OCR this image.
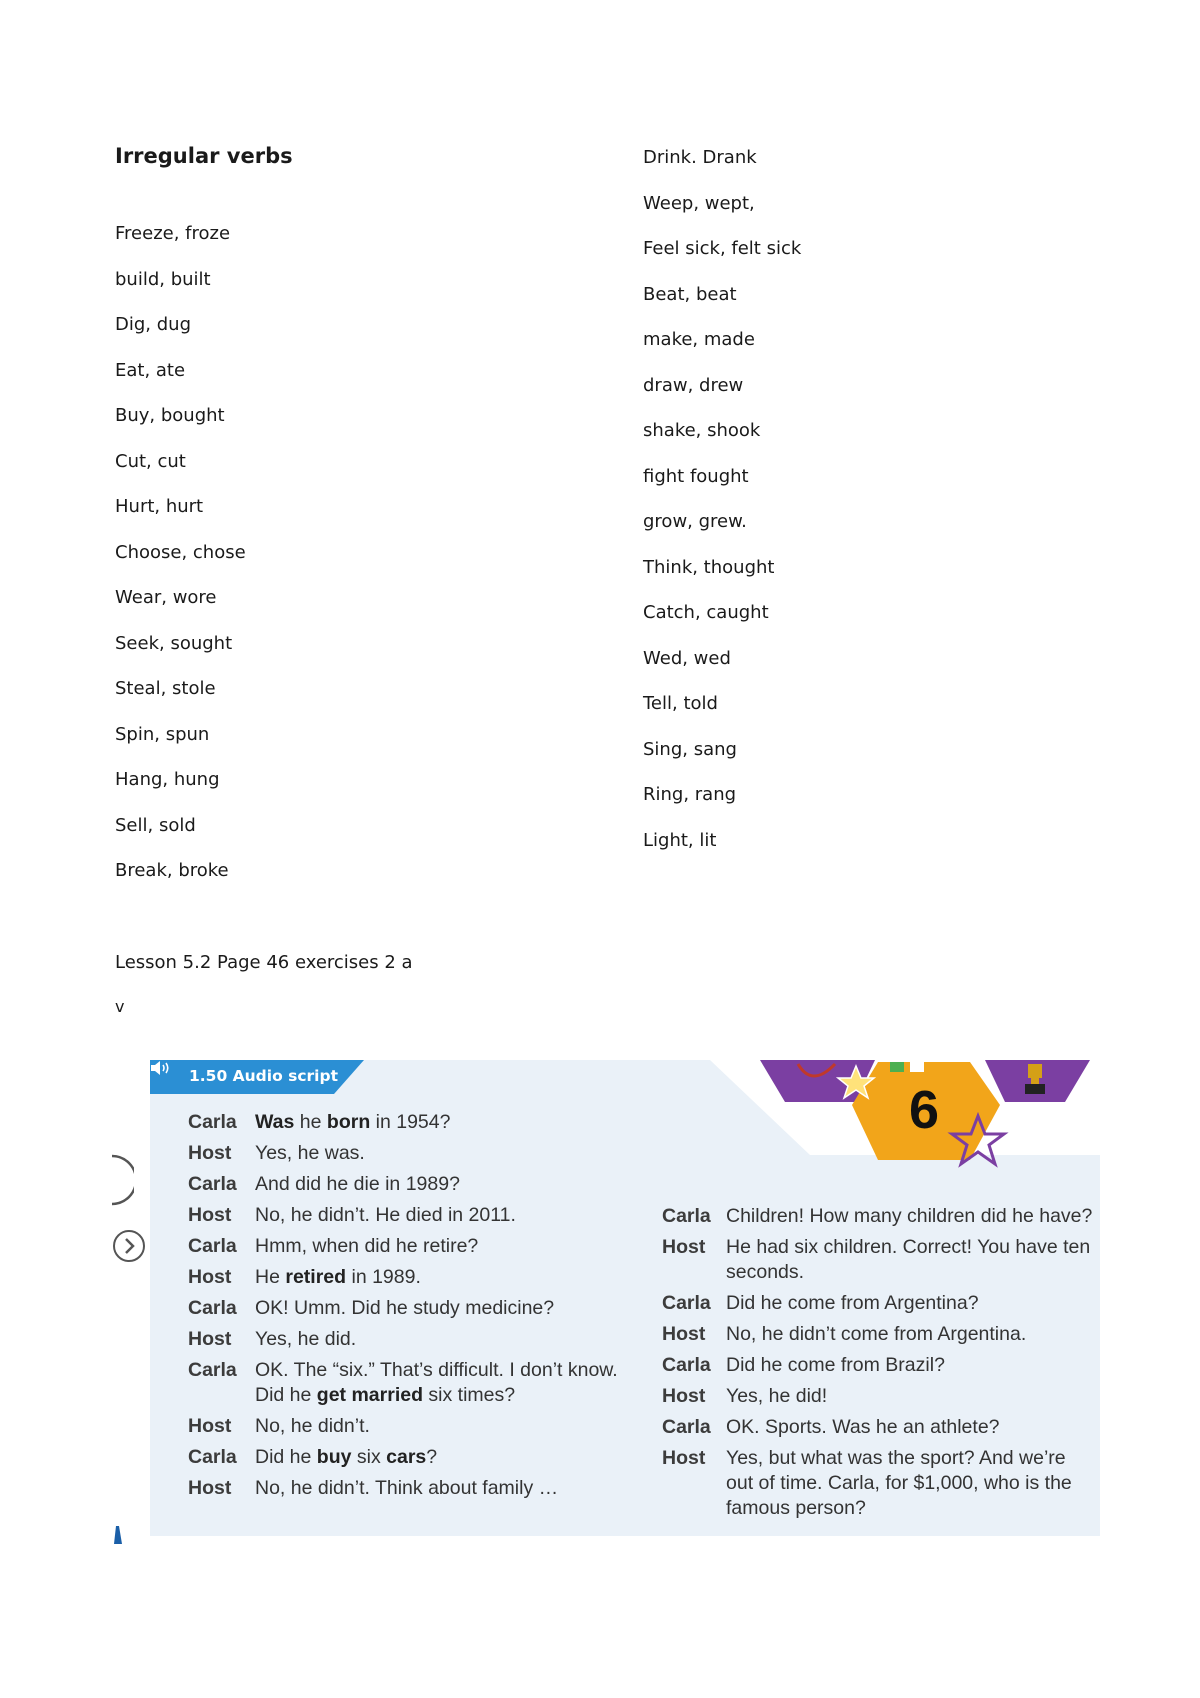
Irregular verbs
Freeze, froze
build, built
Dig, dug
Eat, ate
Buy, bought
Cut, cut
Hurt, hurt
Choose, chose
Wear, wore
Seek, sought
Steal, stole
Spin, spun
Hang, hung
Sell, sold
Break, broke
Drink. Drank
Weep, wept,
Feel sick, felt sick
Beat, beat
make, made
draw, drew
shake, shook
fight fought
grow, grew.
Think, thought
Catch, caught
Wed, wed
Tell, told
Sing, sang
Ring, rang
Light, lit

Lesson 5.2 Page 46 exercises 2 a

v

1.50 Audio script
6
Carla Was he born in 1954?
Host Yes, he was.
Carla And did he die in 1989?
Host No, he didn’t. He died in 2011.
Carla Hmm, when did he retire?
Host He retired in 1989.
Carla OK! Umm. Did he study medicine?
Host Yes, he did.
Carla OK. The “six.” That’s difficult. I don’t know. Did he get married six times?
Host No, he didn’t.
Carla Did he buy six cars?
Host No, he didn’t. Think about family …
Carla Children! How many children did he have?
Host He had six children. Correct! You have ten seconds.
Carla Did he come from Argentina?
Host No, he didn’t come from Argentina.
Carla Did he come from Brazil?
Host Yes, he did!
Carla OK. Sports. Was he an athlete?
Host Yes, but what was the sport? And we’re out of time. Carla, for $1,000, who is the famous person?
